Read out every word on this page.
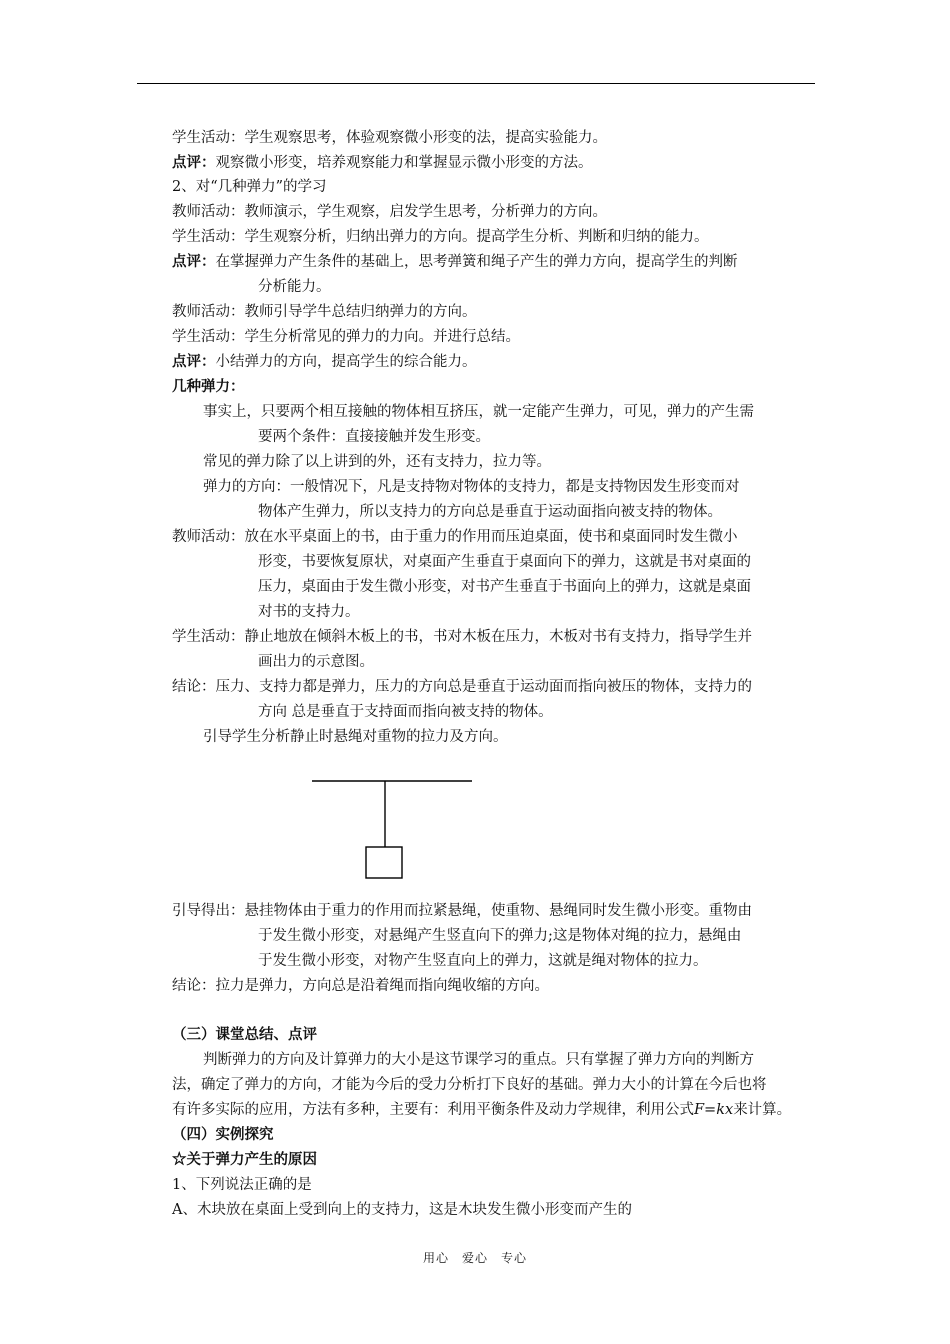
学生活动：学生观察思考，体验观察微小形变的法，提高实验能力。
点评：观察微小形变，培养观察能力和掌握显示微小形变的方法。
2、对“几种弹力”的学习
教师活动：教师演示，学生观察，启发学生思考，分析弹力的方向。
学生活动：学生观察分析，归纳出弹力的方向。提高学生分析、判断和归纳的能力。
点评：在掌握弹力产生条件的基础上，思考弹簧和绳子产生的弹力方向，提高学生的判断
分析能力。
教师活动：教师引导学牛总结归纳弹力的方向。
学生活动：学生分析常见的弹力的力向。并进行总结。
点评：小结弹力的方向，提高学生的综合能力。
几种弹力：
事实上，只要两个相互接触的物体相互挤压，就一定能产生弹力，可见，弹力的产生需
要两个条件：直接接触并发生形变。
常见的弹力除了以上讲到的外，还有支持力，拉力等。
弹力的方向：一般情况下，凡是支持物对物体的支持力，都是支持物因发生形变而对
物体产生弹力，所以支持力的方向总是垂直于运动面指向被支持的物体。
教师活动：放在水平桌面上的书，由于重力的作用而压迫桌面，使书和桌面同时发生微小
形变，书要恢复原状，对桌面产生垂直于桌面向下的弹力，这就是书对桌面的
压力，桌面由于发生微小形变，对书产生垂直于书面向上的弹力，这就是桌面
对书的支持力。
学生活动：静止地放在倾斜木板上的书，书对木板在压力，木板对书有支持力，指导学生并
画出力的示意图。
结论：压力、支持力都是弹力，压力的方向总是垂直于运动面而指向被压的物体，支持力的
方向 总是垂直于支持面而指向被支持的物体。
引导学生分析静止时悬绳对重物的拉力及方向。
引导得出：悬挂物体由于重力的作用而拉紧悬绳，使重物、悬绳同时发生微小形变。重物由
于发生微小形变，对悬绳产生竖直向下的弹力;这是物体对绳的拉力，悬绳由
于发生微小形变，对物产生竖直向上的弹力，这就是绳对物体的拉力。
结论：拉力是弹力，方向总是沿着绳而指向绳收缩的方向。
（三）课堂总结、点评
判断弹力的方向及计算弹力的大小是这节课学习的重点。只有掌握了弹力方向的判断方
法，确定了弹力的方向，才能为今后的受力分析打下良好的基础。弹力大小的计算在今后也将
有许多实际的应用，方法有多种，主要有：利用平衡条件及动力学规律，利用公式F=kx来计算。
（四）实例探究
☆关于弹力产生的原因
1、下列说法正确的是
A、木块放在桌面上受到向上的支持力，这是木块发生微小形变而产生的
用心　爱心　专心
